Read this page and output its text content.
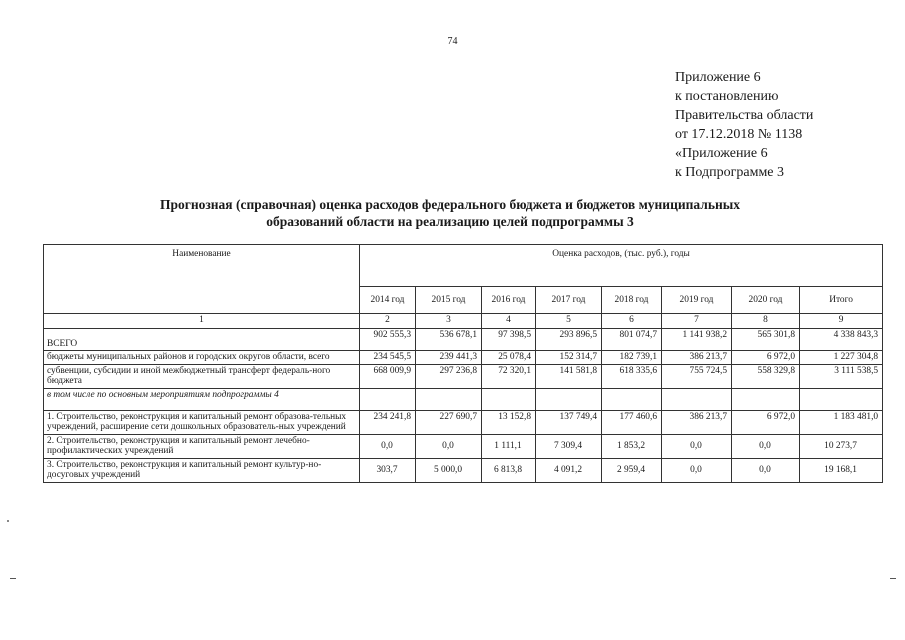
74
Приложение 6
к постановлению
Правительства области
от 17.12.2018 № 1138
«Приложение 6
к Подпрограмме 3
Прогнозная (справочная) оценка расходов федерального бюджета и бюджетов муниципальных
образований области на реализацию целей подпрограммы 3
Наименование	Оценка расходов, (тыс. руб.), годы							
	2014 год	2015 год	2016 год	2017 год	2018 год	2019 год	2020 год	Итого
1	2	3	4	5	6	7	8	9
ВСЕГО	902 555,3	536 678,1	97 398,5	293 896,5	801 074,7	1 141 938,2	565 301,8	4 338 843,3
бюджеты муниципальных районов и городских округов области, всего	234 545,5	239 441,3	25 078,4	152 314,7	182 739,1	386 213,7	6 972,0	1 227 304,8
субвенции, субсидии и иной межбюджетный трансферт федераль-ного бюджета	668 009,9	297 236,8	72 320,1	141 581,8	618 335,6	755 724,5	558 329,8	3 111 538,5
в том числе по основным мероприятиям подпрограммы 4								
1. Строительство, реконструкция и капитальный ремонт образова-тельных учреждений, расширение сети дошкольных образователь-ных учреждений	234 241,8	227 690,7	13 152,8	137 749,4	177 460,6	386 213,7	6 972,0	1 183 481,0
2. Строительство, реконструкция и капитальный ремонт лечебно-профилактических учреждений	0,0	0,0	1 111,1	7 309,4	1 853,2	0,0	0,0	10 273,7
3. Строительство, реконструкция и капитальный ремонт культур-но-досуговых учреждений	303,7	5 000,0	6 813,8	4 091,2	2 959,4	0,0	0,0	19 168,1
